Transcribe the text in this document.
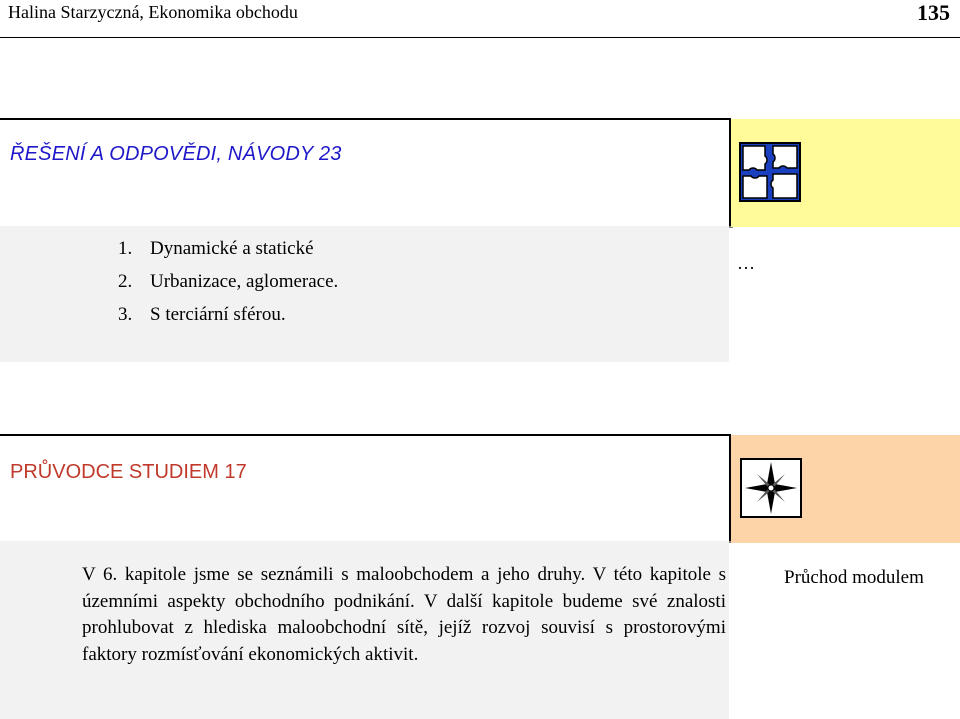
Halina Starzyczná, Ekonomika obchodu	135
ŘEŠENÍ A ODPOVĚDI, NÁVODY 23
1. Dynamické a statické
2. Urbanizace, aglomerace.
3. S terciární sférou.
…
PRŮVODCE STUDIEM 17
V 6. kapitole jsme se seznámili s maloobchodem a jeho druhy. V této kapitole s územními aspekty obchodního podnikání. V další kapitole budeme své znalosti prohlubovat z hlediska maloobchodní sítě, jejíž rozvoj souvisí s prostorovými faktory rozmísťování ekonomických aktivit.
Průchod modulem
